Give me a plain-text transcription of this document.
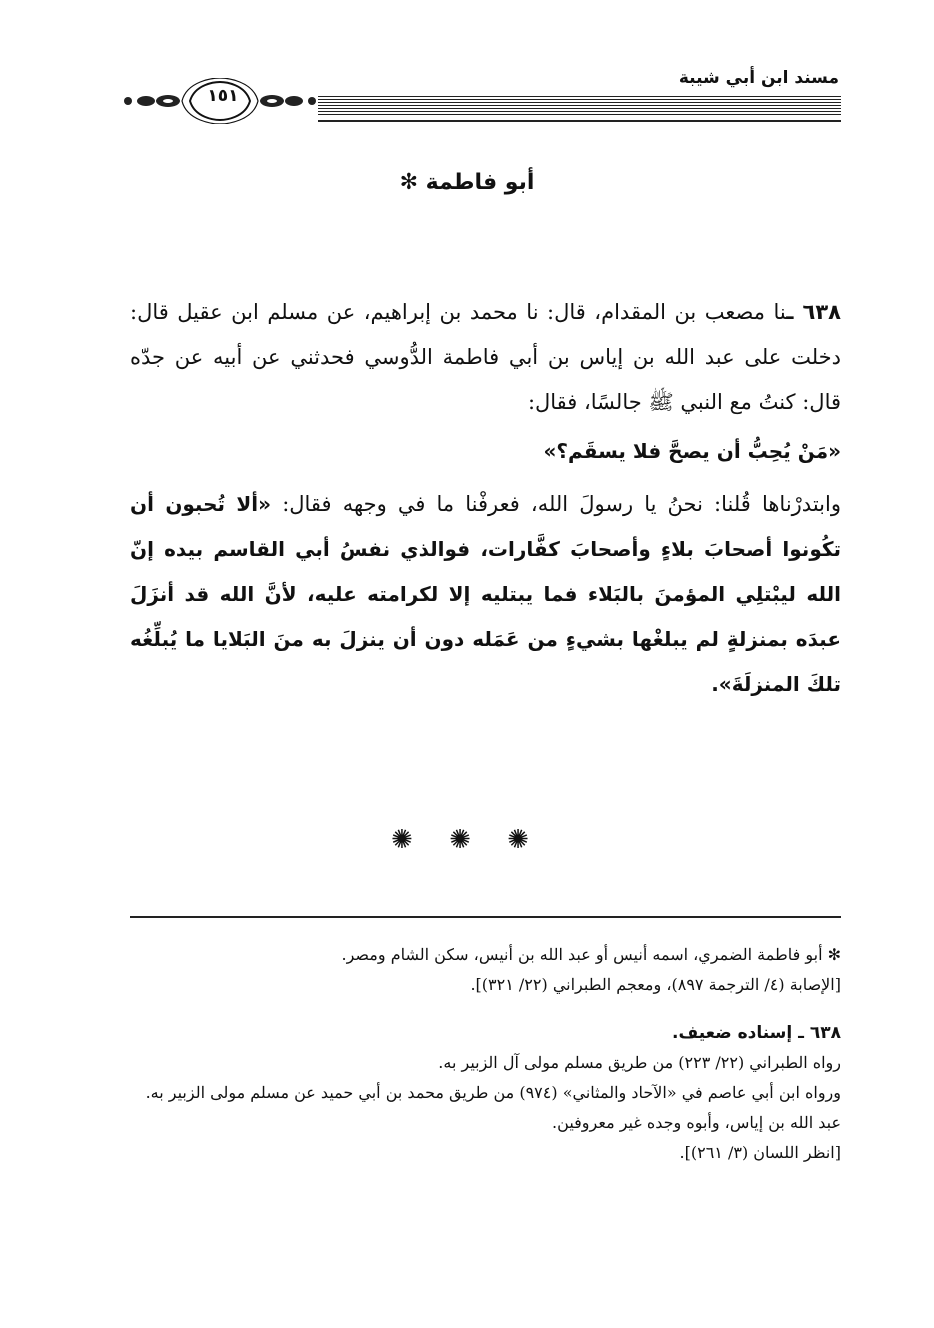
مسند ابن أبي شيبة
١٥١
أبو فاطمة ✻

٦٣٨ ـنا مصعب بن المقدام، قال: نا محمد بن إبراهيم، عن مسلم ابن عقيل قال: دخلت على عبد الله بن إياس بن أبي فاطمة الدُّوسي فحدثني عن أبيه عن جدّه قال: كنتُ مع النبي ﷺ جالسًا، فقال:

«مَنْ يُحِبُّ أن يصحَّ فلا يسقَم؟»

وابتدرْناها قُلنا: نحنُ يا رسولَ الله، فعرفْنا ما في وجهه فقال: «ألا تُحبون أن تكُونوا أصحابَ بلاءٍ وأصحابَ كفَّارات، فوالذي نفسُ أبي القاسم بيده إنّ الله ليبْتلِي المؤمنَ بالبَلاء فما يبتليه إلا لكرامته عليه، لأنَّ الله قد أنزَلَ عبدَه بمنزلةٍ لم يبلغْها بشيءٍ من عَمَله دون أن ينزلَ به منَ البَلايا ما يُبلِّغُه تلكَ المنزلَةَ».

✺ ✺ ✺

✻ أبو فاطمة الضمري، اسمه أنيس أو عبد الله بن أنيس، سكن الشام ومصر.

[الإصابة (٤/ الترجمة ٨٩٧)، ومعجم الطبراني (٢٢/ ٣٢١)].

٦٣٨ ـ إسناده ضعيف.

رواه الطبراني (٢٢/ ٢٢٣) من طريق مسلم مولى آل الزبير به.

ورواه ابن أبي عاصم في «الآحاد والمثاني» (٩٧٤) من طريق محمد بن أبي حميد عن مسلم مولى الزبير به.

عبد الله بن إياس، وأبوه وجده غير معروفين.

[انظر اللسان (٣/ ٢٦١)].
